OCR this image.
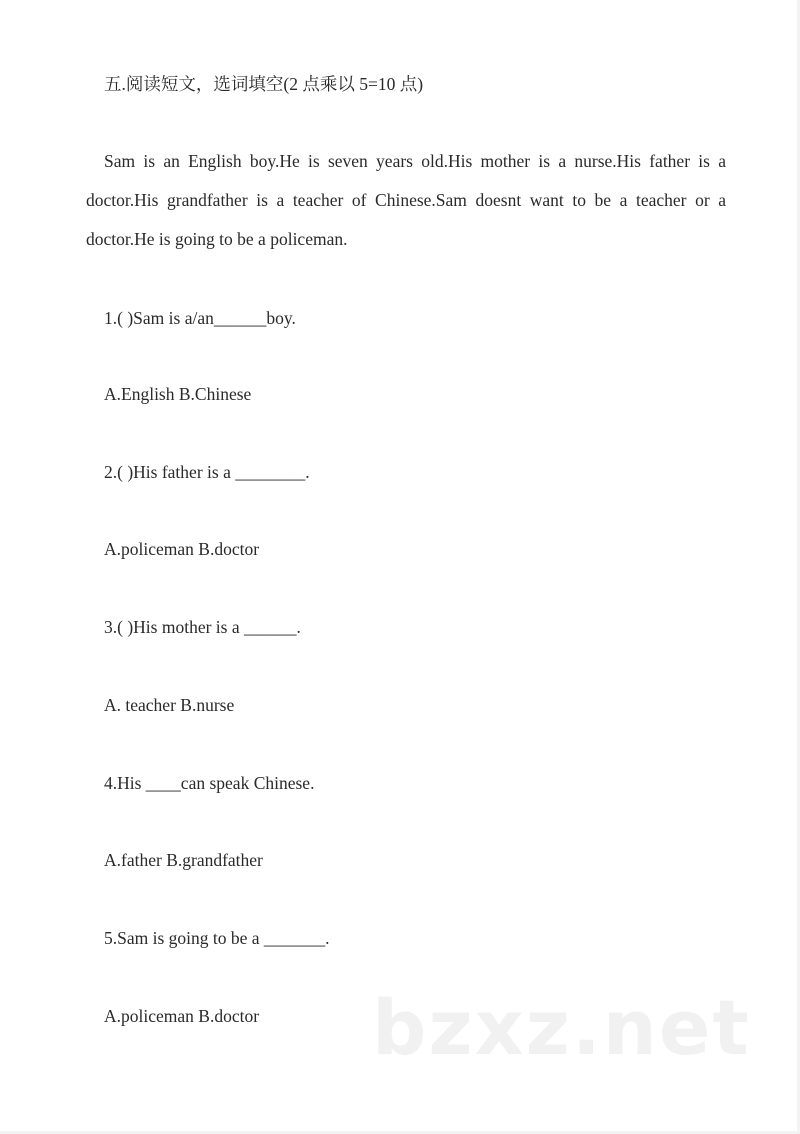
五.阅读短文，选词填空(2 点乘以 5=10 点)
Sam is an English boy.He is seven years old.His mother is a nurse.His father is a doctor.His grandfather is a teacher of Chinese.Sam doesnt want to be a teacher or a doctor.He is going to be a policeman.
1.( )Sam is a/an______boy.
A.English B.Chinese
2.( )His father is a ________.
A.policeman B.doctor
3.( )His mother is a ______.
A. teacher B.nurse
4.His ____can speak Chinese.
A.father B.grandfather
5.Sam is going to be a _______.
A.policeman B.doctor bzxz.net
